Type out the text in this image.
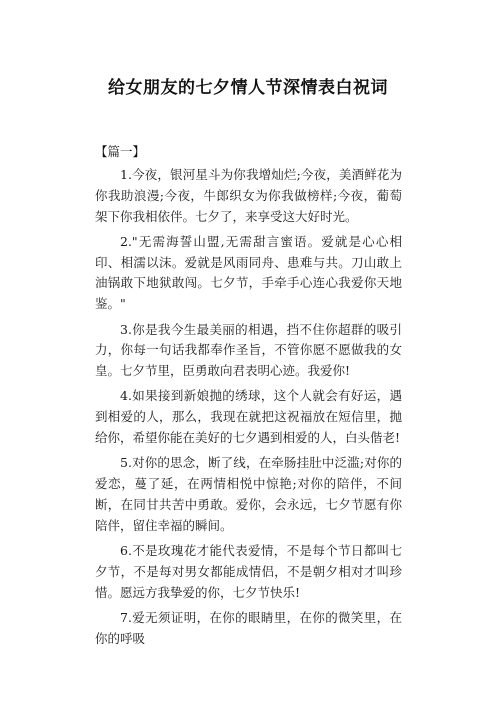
给女朋友的七夕情人节深情表白祝词
【篇一】

1.今夜，银河星斗为你我增灿烂;今夜，美酒鲜花为你我助浪漫;今夜，牛郎织女为你我做榜样;今夜，葡萄架下你我相依伴。七夕了，来享受这大好时光。

2."无需海誓山盟,无需甜言蜜语。爱就是心心相印、相濡以沫。爱就是风雨同舟、患难与共。刀山敢上油锅敢下地狱敢闯。七夕节，手牵手心连心我爱你天地鉴。"

3.你是我今生最美丽的相遇，挡不住你超群的吸引力，你每一句话我都奉作圣旨，不管你愿不愿做我的女皇。七夕节里，臣勇敢向君表明心迹。我爱你!

4.如果接到新娘抛的绣球，这个人就会有好运，遇到相爱的人，那么，我现在就把这祝福放在短信里，抛给你，希望你能在美好的七夕遇到相爱的人，白头偕老!

5.对你的思念，断了线，在牵肠挂肚中泛滥;对你的爱恋，蔓了延，在两情相悦中惊艳;对你的陪伴，不间断，在同甘共苦中勇敢。爱你，会永远，七夕节愿有你陪伴，留住幸福的瞬间。

6.不是玫瑰花才能代表爱情，不是每个节日都叫七夕节，不是每对男女都能成情侣，不是朝夕相对才叫珍惜。愿远方我挚爱的你，七夕节快乐!

7.爱无须证明，在你的眼睛里，在你的微笑里，在你的呼吸
